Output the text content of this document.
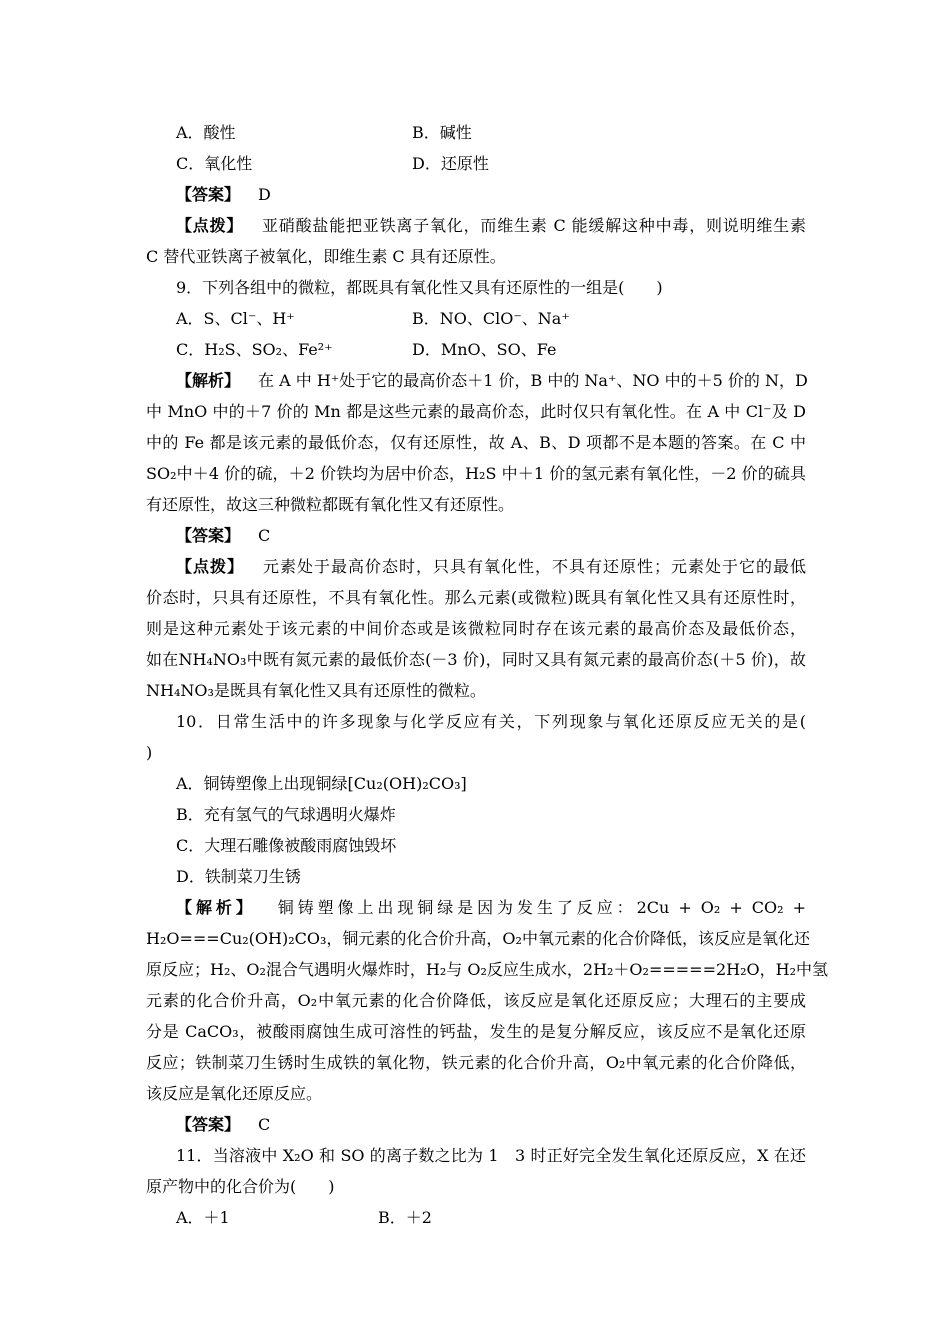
A．酸性	B．碱性
C．氧化性	D．还原性
【答案】 D
【点拨】 亚硝酸盐能把亚铁离子氧化，而维生素 C 能缓解这种中毒，则说明维生素
C 替代亚铁离子被氧化，即维生素 C 具有还原性。
9．下列各组中的微粒，都既具有氧化性又具有还原性的一组是(　　)
A．S、Cl⁻、H⁺	B．NO、ClO⁻、Na⁺
C．H₂S、SO₂、Fe²⁺	D．MnO、SO、Fe
【解析】 在 A 中 H⁺处于它的最高价态＋1 价，B 中的 Na⁺、NO 中的＋5 价的 N，D
中 MnO 中的＋7 价的 Mn 都是这些元素的最高价态，此时仅只有氧化性。在 A 中 Cl⁻及 D
中的 Fe 都是该元素的最低价态，仅有还原性，故 A、B、D 项都不是本题的答案。在 C 中
SO₂中＋4 价的硫，＋2 价铁均为居中价态，H₂S 中＋1 价的氢元素有氧化性，－2 价的硫具
有还原性，故这三种微粒都既有氧化性又有还原性。
【答案】 C
【点拨】 元素处于最高价态时，只具有氧化性，不具有还原性；元素处于它的最低
价态时，只具有还原性，不具有氧化性。那么元素(或微粒)既具有氧化性又具有还原性时，
则是这种元素处于该元素的中间价态或是该微粒同时存在该元素的最高价态及最低价态，
如在NH₄NO₃中既有氮元素的最低价态(－3 价)，同时又具有氮元素的最高价态(＋5 价)，故
NH₄NO₃是既具有氧化性又具有还原性的微粒。
10．日常生活中的许多现象与化学反应有关，下列现象与氧化还原反应无关的是(
)
A．铜铸塑像上出现铜绿[Cu₂(OH)₂CO₃]
B．充有氢气的气球遇明火爆炸
C．大理石雕像被酸雨腐蚀毁坏
D．铁制菜刀生锈
【解析】 铜铸塑像上出现铜绿是因为发生了反应：2Cu + O₂ + CO₂ +
H₂O===Cu₂(OH)₂CO₃，铜元素的化合价升高，O₂中氧元素的化合价降低，该反应是氧化还
原反应；H₂、O₂混合气遇明火爆炸时，H₂与 O₂反应生成水，2H₂＋O₂=====2H₂O，H₂中氢
元素的化合价升高，O₂中氧元素的化合价降低，该反应是氧化还原反应；大理石的主要成
分是 CaCO₃，被酸雨腐蚀生成可溶性的钙盐，发生的是复分解反应，该反应不是氧化还原
反应；铁制菜刀生锈时生成铁的氧化物，铁元素的化合价升高，O₂中氧元素的化合价降低，
该反应是氧化还原反应。
【答案】 C
11．当溶液中 X₂O 和 SO 的离子数之比为 1　3 时正好完全发生氧化还原反应，X 在还
原产物中的化合价为(　　)
A．＋1	B．＋2
